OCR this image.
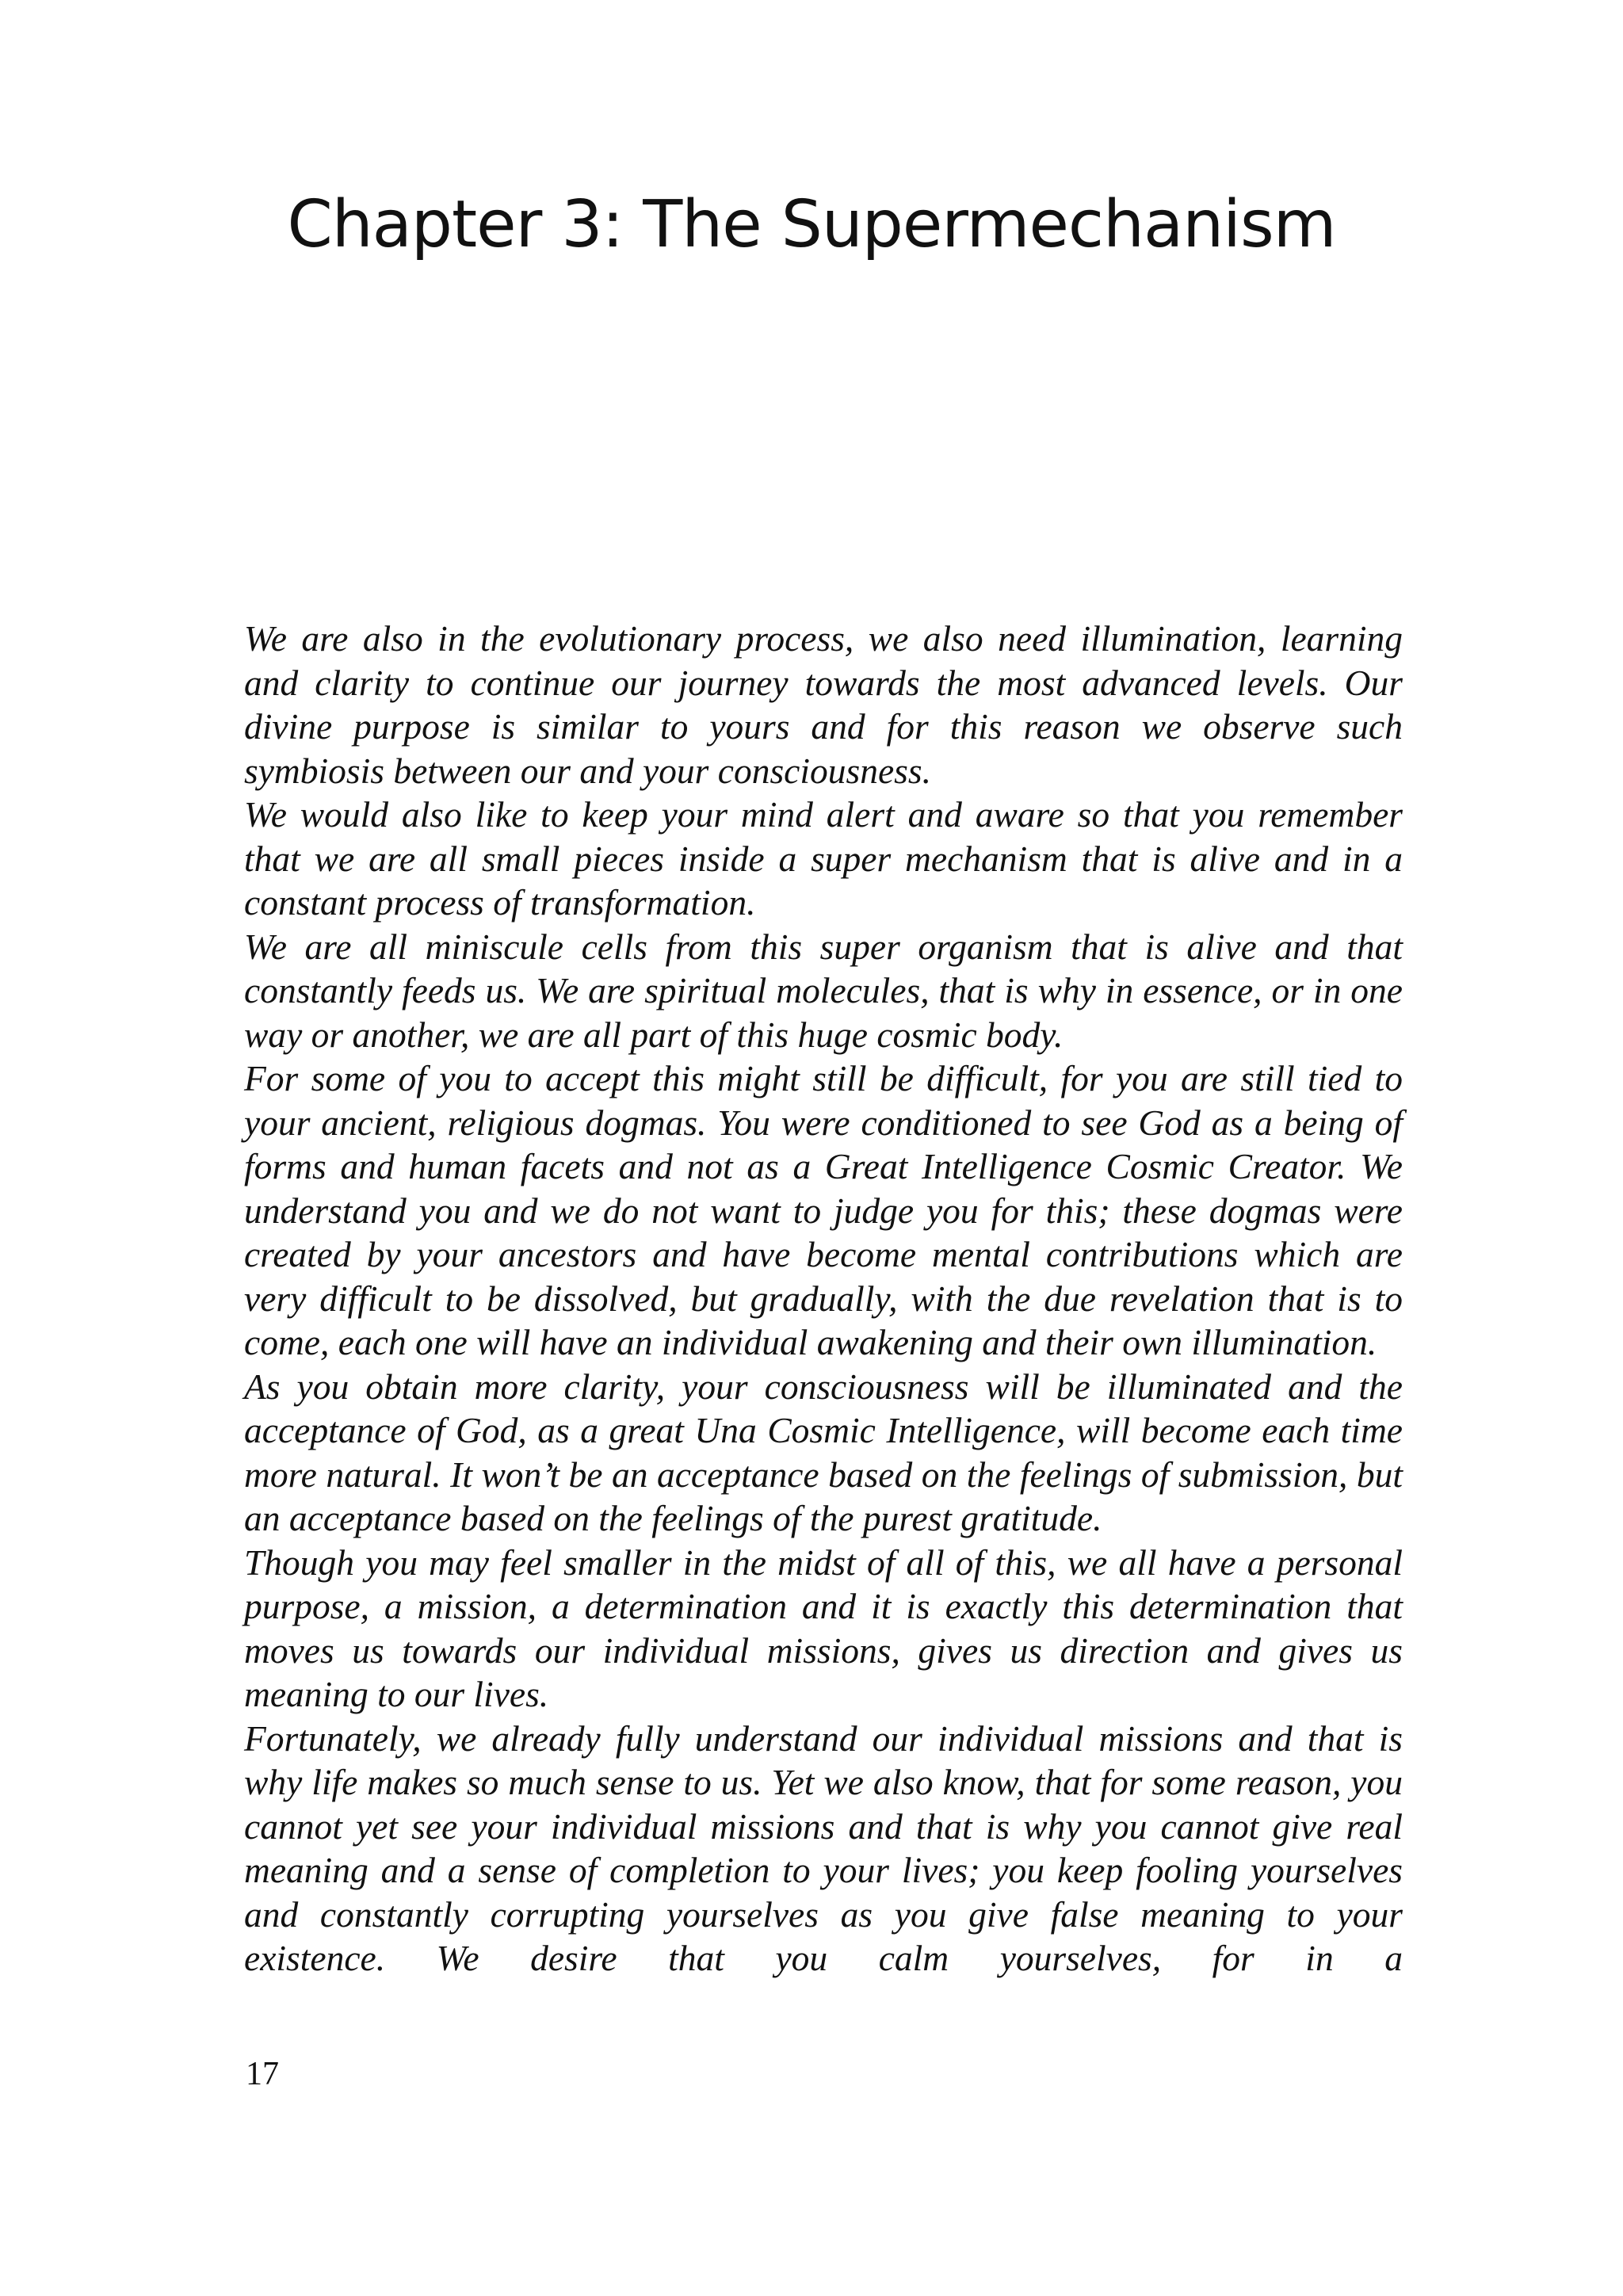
Chapter 3: The Supermechanism

We are also in the evolutionary process, we also need illumination, learning and clarity to continue our journey towards the most advanced levels. Our divine purpose is similar to yours and for this reason we observe such symbiosis between our and your consciousness.

We would also like to keep your mind alert and aware so that you remember that we are all small pieces inside a super mechanism that is alive and in a constant process of transformation.

We are all miniscule cells from this super organism that is alive and that constantly feeds us. We are spiritual molecules, that is why in essence, or in one way or another, we are all part of this huge cosmic body.

For some of you to accept this might still be difficult, for you are still tied to your ancient, religious dogmas. You were conditioned to see God as a being of forms and human facets and not as a Great Intelligence Cosmic Creator. We understand you and we do not want to judge you for this; these dogmas were created by your ancestors and have become mental contributions which are very difficult to be dissolved, but gradually, with the due revelation that is to come, each one will have an individual awakening and their own illumination.

As you obtain more clarity, your consciousness will be illuminated and the acceptance of God, as a great Una Cosmic Intelligence, will become each time more natural. It won’t be an acceptance based on the feelings of submission, but an acceptance based on the feelings of the purest gratitude.

Though you may feel smaller in the midst of all of this, we all have a personal purpose, a mission, a determination and it is exactly this determination that moves us towards our individual missions, gives us direction and gives us meaning to our lives.

Fortunately, we already fully understand our individual missions and that is why life makes so much sense to us. Yet we also know, that for some reason, you cannot yet see your individual missions and that is why you cannot give real meaning and a sense of completion to your lives; you keep fooling yourselves and constantly corrupting yourselves as you give false meaning to your existence. We desire that you calm yourselves, for in a

17
